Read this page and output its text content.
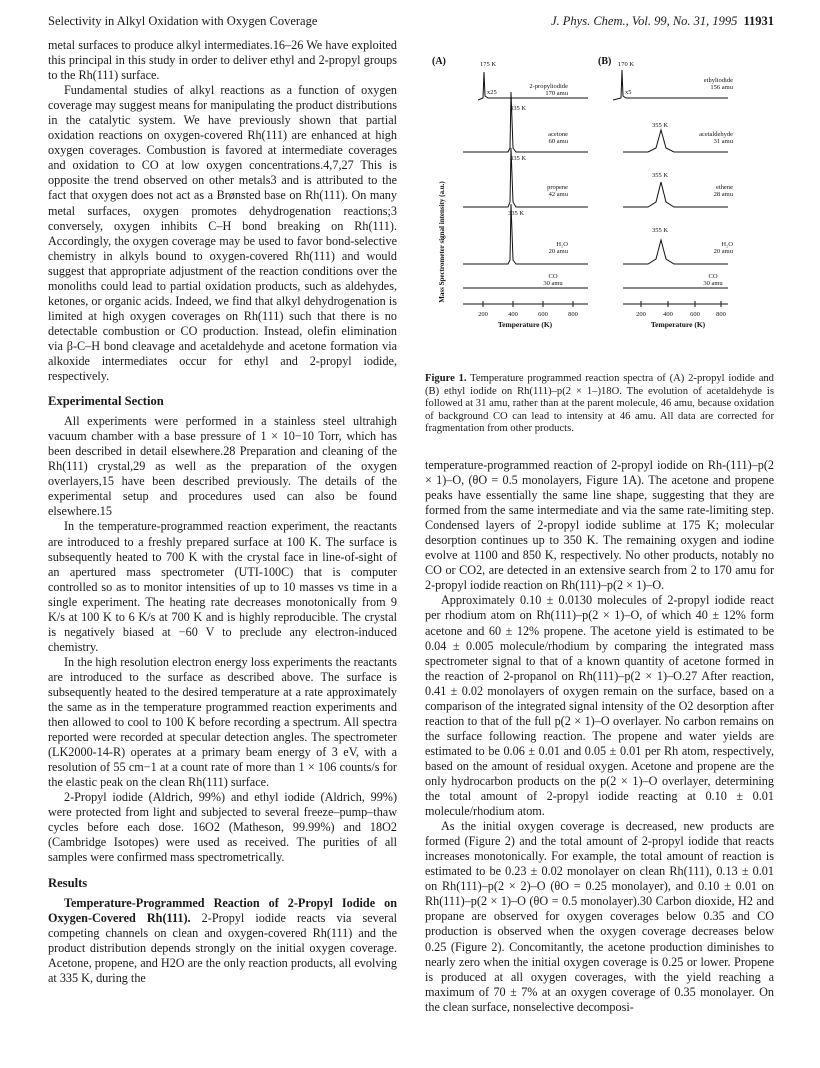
Selectivity in Alkyl Oxidation with Oxygen Coverage	J. Phys. Chem., Vol. 99, No. 31, 1995 11931

metal surfaces to produce alkyl intermediates.16–26 We have exploited this principal in this study in order to deliver ethyl and 2-propyl groups to the Rh(111) surface.

Fundamental studies of alkyl reactions as a function of oxygen coverage may suggest means for manipulating the product distributions in the catalytic system. We have previously shown that partial oxidation reactions on oxygen-covered Rh(111) are enhanced at high oxygen coverages. Combustion is favored at intermediate coverages and oxidation to CO at low oxygen concentrations.4,7,27 This is opposite the trend observed on other metals3 and is attributed to the fact that oxygen does not act as a Brønsted base on Rh(111). On many metal surfaces, oxygen promotes dehydrogenation reactions;3 conversely, oxygen inhibits C–H bond breaking on Rh(111). Accordingly, the oxygen coverage may be used to favor bond-selective chemistry in alkyls bound to oxygen-covered Rh(111) and would suggest that appropriate adjustment of the reaction conditions over the monoliths could lead to partial oxidation products, such as aldehydes, ketones, or organic acids. Indeed, we find that alkyl dehydrogenation is limited at high oxygen coverages on Rh(111) such that there is no detectable combustion or CO production. Instead, olefin elimination via β-C–H bond cleavage and acetaldehyde and acetone formation via alkoxide intermediates occur for ethyl and 2-propyl iodide, respectively.

Experimental Section

All experiments were performed in a stainless steel ultrahigh vacuum chamber with a base pressure of 1 × 10−10 Torr, which has been described in detail elsewhere.28 Preparation and cleaning of the Rh(111) crystal,29 as well as the preparation of the oxygen overlayers,15 have been described previously. The details of the experimental setup and procedures used can also be found elsewhere.15

In the temperature-programmed reaction experiment, the reactants are introduced to a freshly prepared surface at 100 K. The surface is subsequently heated to 700 K with the crystal face in line-of-sight of an apertured mass spectrometer (UTI-100C) that is computer controlled so as to monitor intensities of up to 10 masses vs time in a single experiment. The heating rate decreases monotonically from 9 K/s at 100 K to 6 K/s at 700 K and is highly reproducible. The crystal is negatively biased at −60 V to preclude any electron-induced chemistry.

In the high resolution electron energy loss experiments the reactants are introduced to the surface as described above. The surface is subsequently heated to the desired temperature at a rate approximately the same as in the temperature programmed reaction experiments and then allowed to cool to 100 K before recording a spectrum. All spectra reported were recorded at specular detection angles. The spectrometer (LK2000-14-R) operates at a primary beam energy of 3 eV, with a resolution of 55 cm−1 at a count rate of more than 1 × 106 counts/s for the elastic peak on the clean Rh(111) surface.

2-Propyl iodide (Aldrich, 99%) and ethyl iodide (Aldrich, 99%) were protected from light and subjected to several freeze–pump–thaw cycles before each dose. 16O2 (Matheson, 99.99%) and 18O2 (Cambridge Isotopes) were used as received. The purities of all samples were confirmed mass spectrometrically.

Results

Temperature-Programmed Reaction of 2-Propyl Iodide on Oxygen-Covered Rh(111). 2-Propyl iodide reacts via several competing channels on clean and oxygen-covered Rh(111) and the product distribution depends strongly on the initial oxygen coverage. Acetone, propene, and H2O are the only reaction products, all evolving at 335 K, during the

Mass Spectrometer signal intensity (a.u.)
(A)	175 K
x25
2-propyliodide
170 amu
335 K
acetone
60 amu
335 K
propene
42 amu
335 K
H₂O
20 amu
CO
30 amu
200	400	600	800
Temperature (K)
(B) 170 K
x5
ethyliodide
156 amu
355 K
acetaldehyde
31 amu
355 K
ethene
28 amu
355 K
H₂O
20 amu
CO
30 amu
200	400	600	800
Temperature (K)
Figure 1. Temperature programmed reaction spectra of (A) 2-propyl iodide and (B) ethyl iodide on Rh(111)–p(2 × 1–)18O. The evolution of acetaldehyde is followed at 31 amu, rather than at the parent molecule, 46 amu, because oxidation of background CO can lead to intensity at 46 amu. All data are corrected for fragmentation from other products.

temperature-programmed reaction of 2-propyl iodide on Rh-(111)–p(2 × 1)–O, (θO = 0.5 monolayers, Figure 1A). The acetone and propene peaks have essentially the same line shape, suggesting that they are formed from the same intermediate and via the same rate-limiting step. Condensed layers of 2-propyl iodide sublime at 175 K; molecular desorption continues up to 350 K. The remaining oxygen and iodine evolve at 1100 and 850 K, respectively. No other products, notably no CO or CO2, are detected in an extensive search from 2 to 170 amu for 2-propyl iodide reaction on Rh(111)–p(2 × 1)–O.

Approximately 0.10 ± 0.0130 molecules of 2-propyl iodide react per rhodium atom on Rh(111)–p(2 × 1)–O, of which 40 ± 12% form acetone and 60 ± 12% propene. The acetone yield is estimated to be 0.04 ± 0.005 molecule/rhodium by comparing the integrated mass spectrometer signal to that of a known quantity of acetone formed in the reaction of 2-propanol on Rh(111)–p(2 × 1)–O.27 After reaction, 0.41 ± 0.02 monolayers of oxygen remain on the surface, based on a comparison of the integrated signal intensity of the O2 desorption after reaction to that of the full p(2 × 1)–O overlayer. No carbon remains on the surface following reaction. The propene and water yields are estimated to be 0.06 ± 0.01 and 0.05 ± 0.01 per Rh atom, respectively, based on the amount of residual oxygen. Acetone and propene are the only hydrocarbon products on the p(2 × 1)–O overlayer, determining the total amount of 2-propyl iodide reacting at 0.10 ± 0.01 molecule/rhodium atom.

As the initial oxygen coverage is decreased, new products are formed (Figure 2) and the total amount of 2-propyl iodide that reacts increases monotonically. For example, the total amount of reaction is estimated to be 0.23 ± 0.02 monolayer on clean Rh(111), 0.13 ± 0.01 on Rh(111)–p(2 × 2)–O (θO = 0.25 monolayer), and 0.10 ± 0.01 on Rh(111)–p(2 × 1)–O (θO = 0.5 monolayer).30 Carbon dioxide, H2 and propane are observed for oxygen coverages below 0.35 and CO production is observed when the oxygen coverage decreases below 0.25 (Figure 2). Concomitantly, the acetone production diminishes to nearly zero when the initial oxygen coverage is 0.25 or lower. Propene is produced at all oxygen coverages, with the yield reaching a maximum of 70 ± 7% at an oxygen coverage of 0.35 monolayer. On the clean surface, nonselective decomposi-
